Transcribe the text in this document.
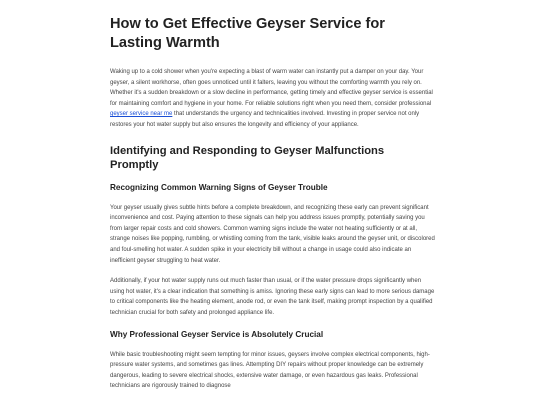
How to Get Effective Geyser Service for Lasting Warmth

Waking up to a cold shower when you're expecting a blast of warm water can instantly put a damper on your day. Your geyser, a silent workhorse, often goes unnoticed until it falters, leaving you without the comforting warmth you rely on. Whether it's a sudden breakdown or a slow decline in performance, getting timely and effective geyser service is essential for maintaining comfort and hygiene in your home. For reliable solutions right when you need them, consider professional geyser service near me that understands the urgency and technicalities involved. Investing in proper service not only restores your hot water supply but also ensures the longevity and efficiency of your appliance.

Identifying and Responding to Geyser Malfunctions Promptly
Recognizing Common Warning Signs of Geyser Trouble

Your geyser usually gives subtle hints before a complete breakdown, and recognizing these early can prevent significant inconvenience and cost. Paying attention to these signals can help you address issues promptly, potentially saving you from larger repair costs and cold showers. Common warning signs include the water not heating sufficiently or at all, strange noises like popping, rumbling, or whistling coming from the tank, visible leaks around the geyser unit, or discolored and foul-smelling hot water. A sudden spike in your electricity bill without a change in usage could also indicate an inefficient geyser struggling to heat water.

Additionally, if your hot water supply runs out much faster than usual, or if the water pressure drops significantly when using hot water, it's a clear indication that something is amiss. Ignoring these early signs can lead to more serious damage to critical components like the heating element, anode rod, or even the tank itself, making prompt inspection by a qualified technician crucial for both safety and prolonged appliance life.

Why Professional Geyser Service is Absolutely Crucial

While basic troubleshooting might seem tempting for minor issues, geysers involve complex electrical components, high-pressure water systems, and sometimes gas lines. Attempting DIY repairs without proper knowledge can be extremely dangerous, leading to severe electrical shocks, extensive water damage, or even hazardous gas leaks. Professional technicians are rigorously trained to diagnose
